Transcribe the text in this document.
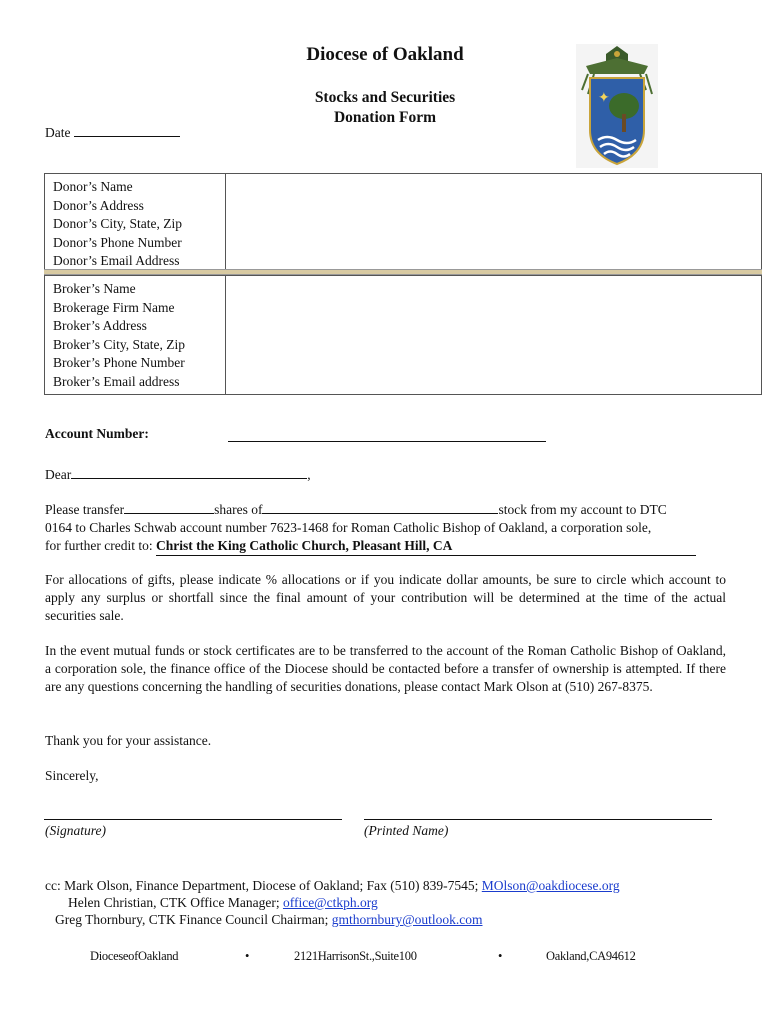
Diocese of Oakland
Stocks and Securities
Donation Form
Date
✦
Donor’s Name
Donor’s Address
Donor’s City, State, Zip
Donor’s Phone Number
Donor’s Email Address

Broker’s Name
Brokerage Firm Name
Broker’s Address
Broker’s City, State, Zip
Broker’s Phone Number
Broker’s Email address

Account Number:
Dear	,
Please transfer	shares of	stock from my account to DTC
0164 to Charles Schwab account number 7623-1468 for Roman Catholic Bishop of Oakland, a corporation sole,
for further credit to: Christ the King Catholic Church, Pleasant Hill, CA
For allocations of gifts, please indicate % allocations or if you indicate dollar amounts, be sure to circle which account to apply any surplus or shortfall since the final amount of your contribution will be determined at the time of the actual securities sale.
In the event mutual funds or stock certificates are to be transferred to the account of the Roman Catholic Bishop of Oakland, a corporation sole, the finance office of the Diocese should be contacted before a transfer of ownership is attempted. If there are any questions concerning the handling of securities donations, please contact Mark Olson at (510) 267-8375.
Thank you for your assistance.
Sincerely,
(Signature)	(Printed Name)
cc: Mark Olson, Finance Department, Diocese of Oakland; Fax (510) 839-7545; MOlson@oakdiocese.org
Helen Christian, CTK Office Manager; office@ctkph.org
Greg Thornbury, CTK Finance Council Chairman; gmthornbury@outlook.com
DioceseofOakland	•	2121HarrisonSt.,Suite100	•	Oakland,CA94612
